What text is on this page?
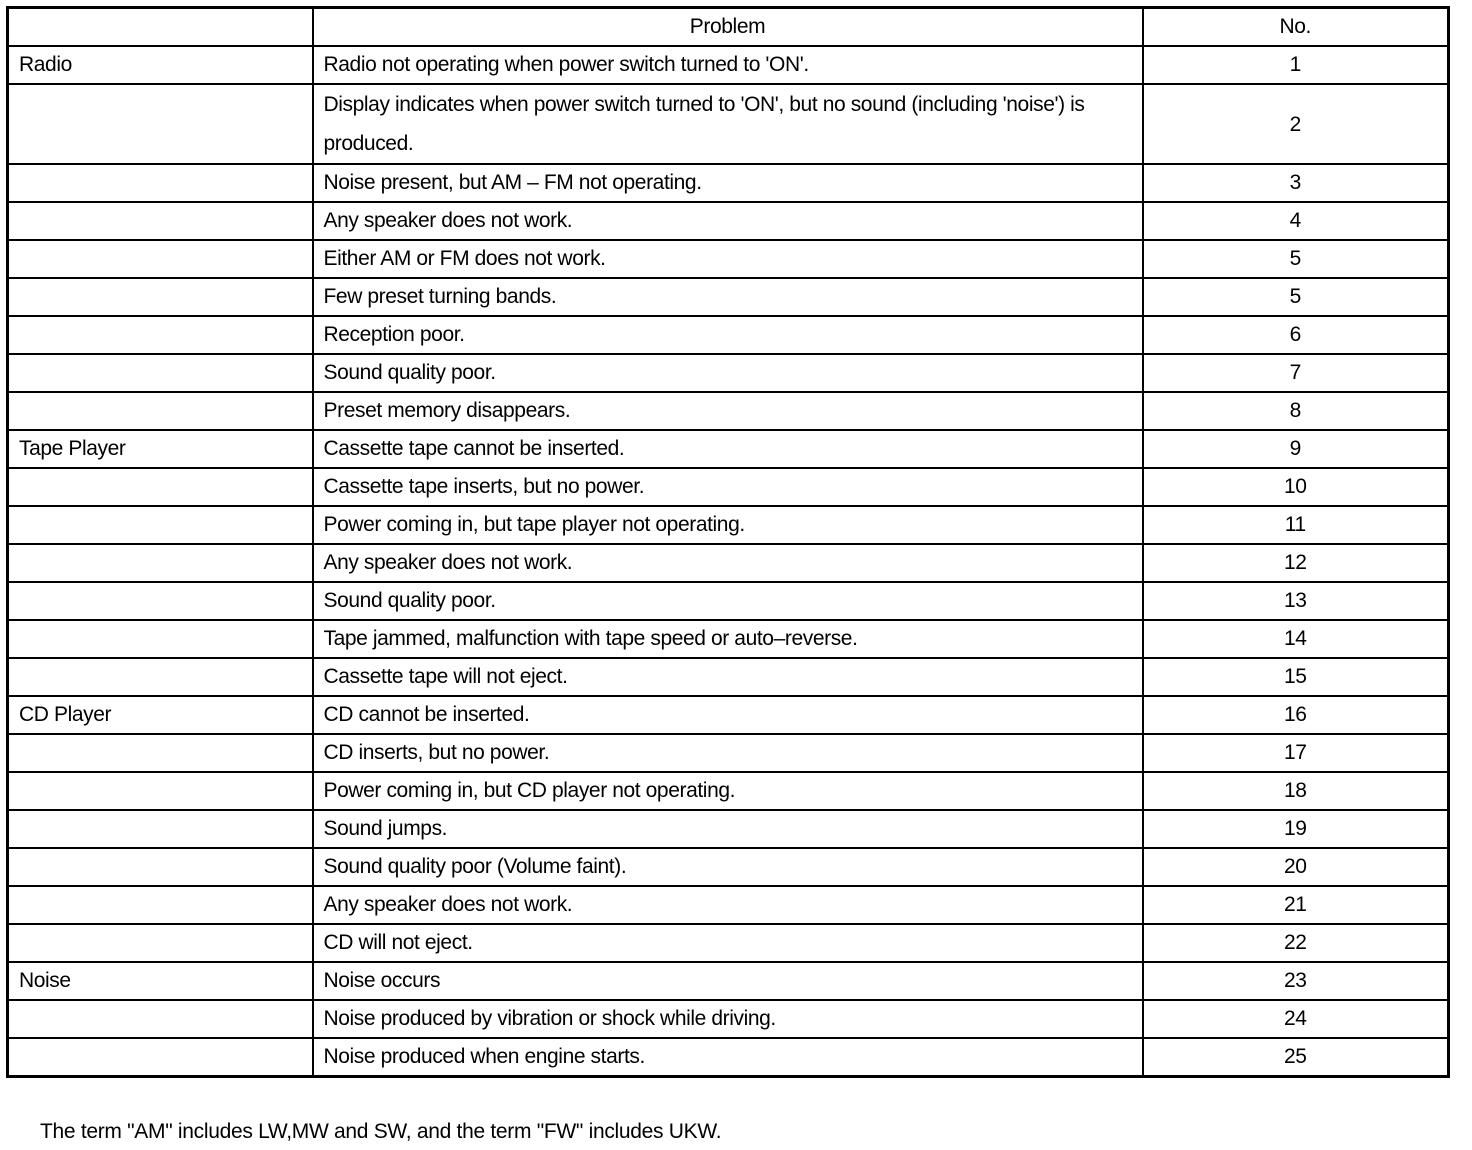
	Problem	No.
Radio	Radio not operating when power switch turned to 'ON'.	1
	Display indicates when power switch turned to 'ON', but no sound (including 'noise') is produced.	2
	Noise present, but AM – FM not operating.	3
	Any speaker does not work.	4
	Either AM or FM does not work.	5
	Few preset turning bands.	5
	Reception poor.	6
	Sound quality poor.	7
	Preset memory disappears.	8
Tape Player	Cassette tape cannot be inserted.	9
	Cassette tape inserts, but no power.	10
	Power coming in, but tape player not operating.	11
	Any speaker does not work.	12
	Sound quality poor.	13
	Tape jammed, malfunction with tape speed or auto–reverse.	14
	Cassette tape will not eject.	15
CD Player	CD cannot be inserted.	16
	CD inserts, but no power.	17
	Power coming in, but CD player not operating.	18
	Sound jumps.	19
	Sound quality poor (Volume faint).	20
	Any speaker does not work.	21
	CD will not eject.	22
Noise	Noise occurs	23
	Noise produced by vibration or shock while driving.	24
	Noise produced when engine starts.	25
The term "AM" includes LW,MW and SW, and the term "FW" includes UKW.
